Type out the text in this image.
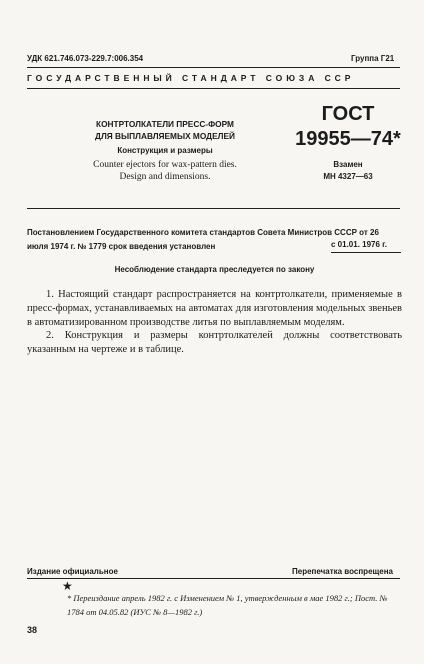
УДК 621.746.073-229.7:006.354	Группа Г21
ГОСУДАРСТВЕННЫЙ СТАНДАРТ СОЮЗА ССР
КОНТРТОЛКАТЕЛИ ПРЕСС-ФОРМ
ДЛЯ ВЫПЛАВЛЯЕМЫХ МОДЕЛЕЙ
Конструкция и размеры
Counter ejectors for wax-pattern dies.
Design and dimensions.
ГОСТ
19955—74*
Взамен
МН 4327—63
Постановлением Государственного комитета стандартов Совета Министров СССР от 26 июля 1974 г. № 1779 срок введения установлен	с 01.01. 1976 г.
Несоблюдение стандарта преследуется по закону

1. Настоящий стандарт распространяется на контртолкатели, применяемые в пресс-формах, устанавливаемых на автоматах для изготовления модельных звеньев в автоматизированном производстве литья по выплавляемым моделям.

2. Конструкция и размеры контртолкателей должны соответствовать указанным на чертеже и в таблице.

Издание официальное	Перепечатка воспрещена
★
* Переиздание апрель 1982 г. с Изменением № 1, утвержденным в мае 1982 г.; Пост. № 1784 от 04.05.82 (ИУС № 8—1982 г.)
38
